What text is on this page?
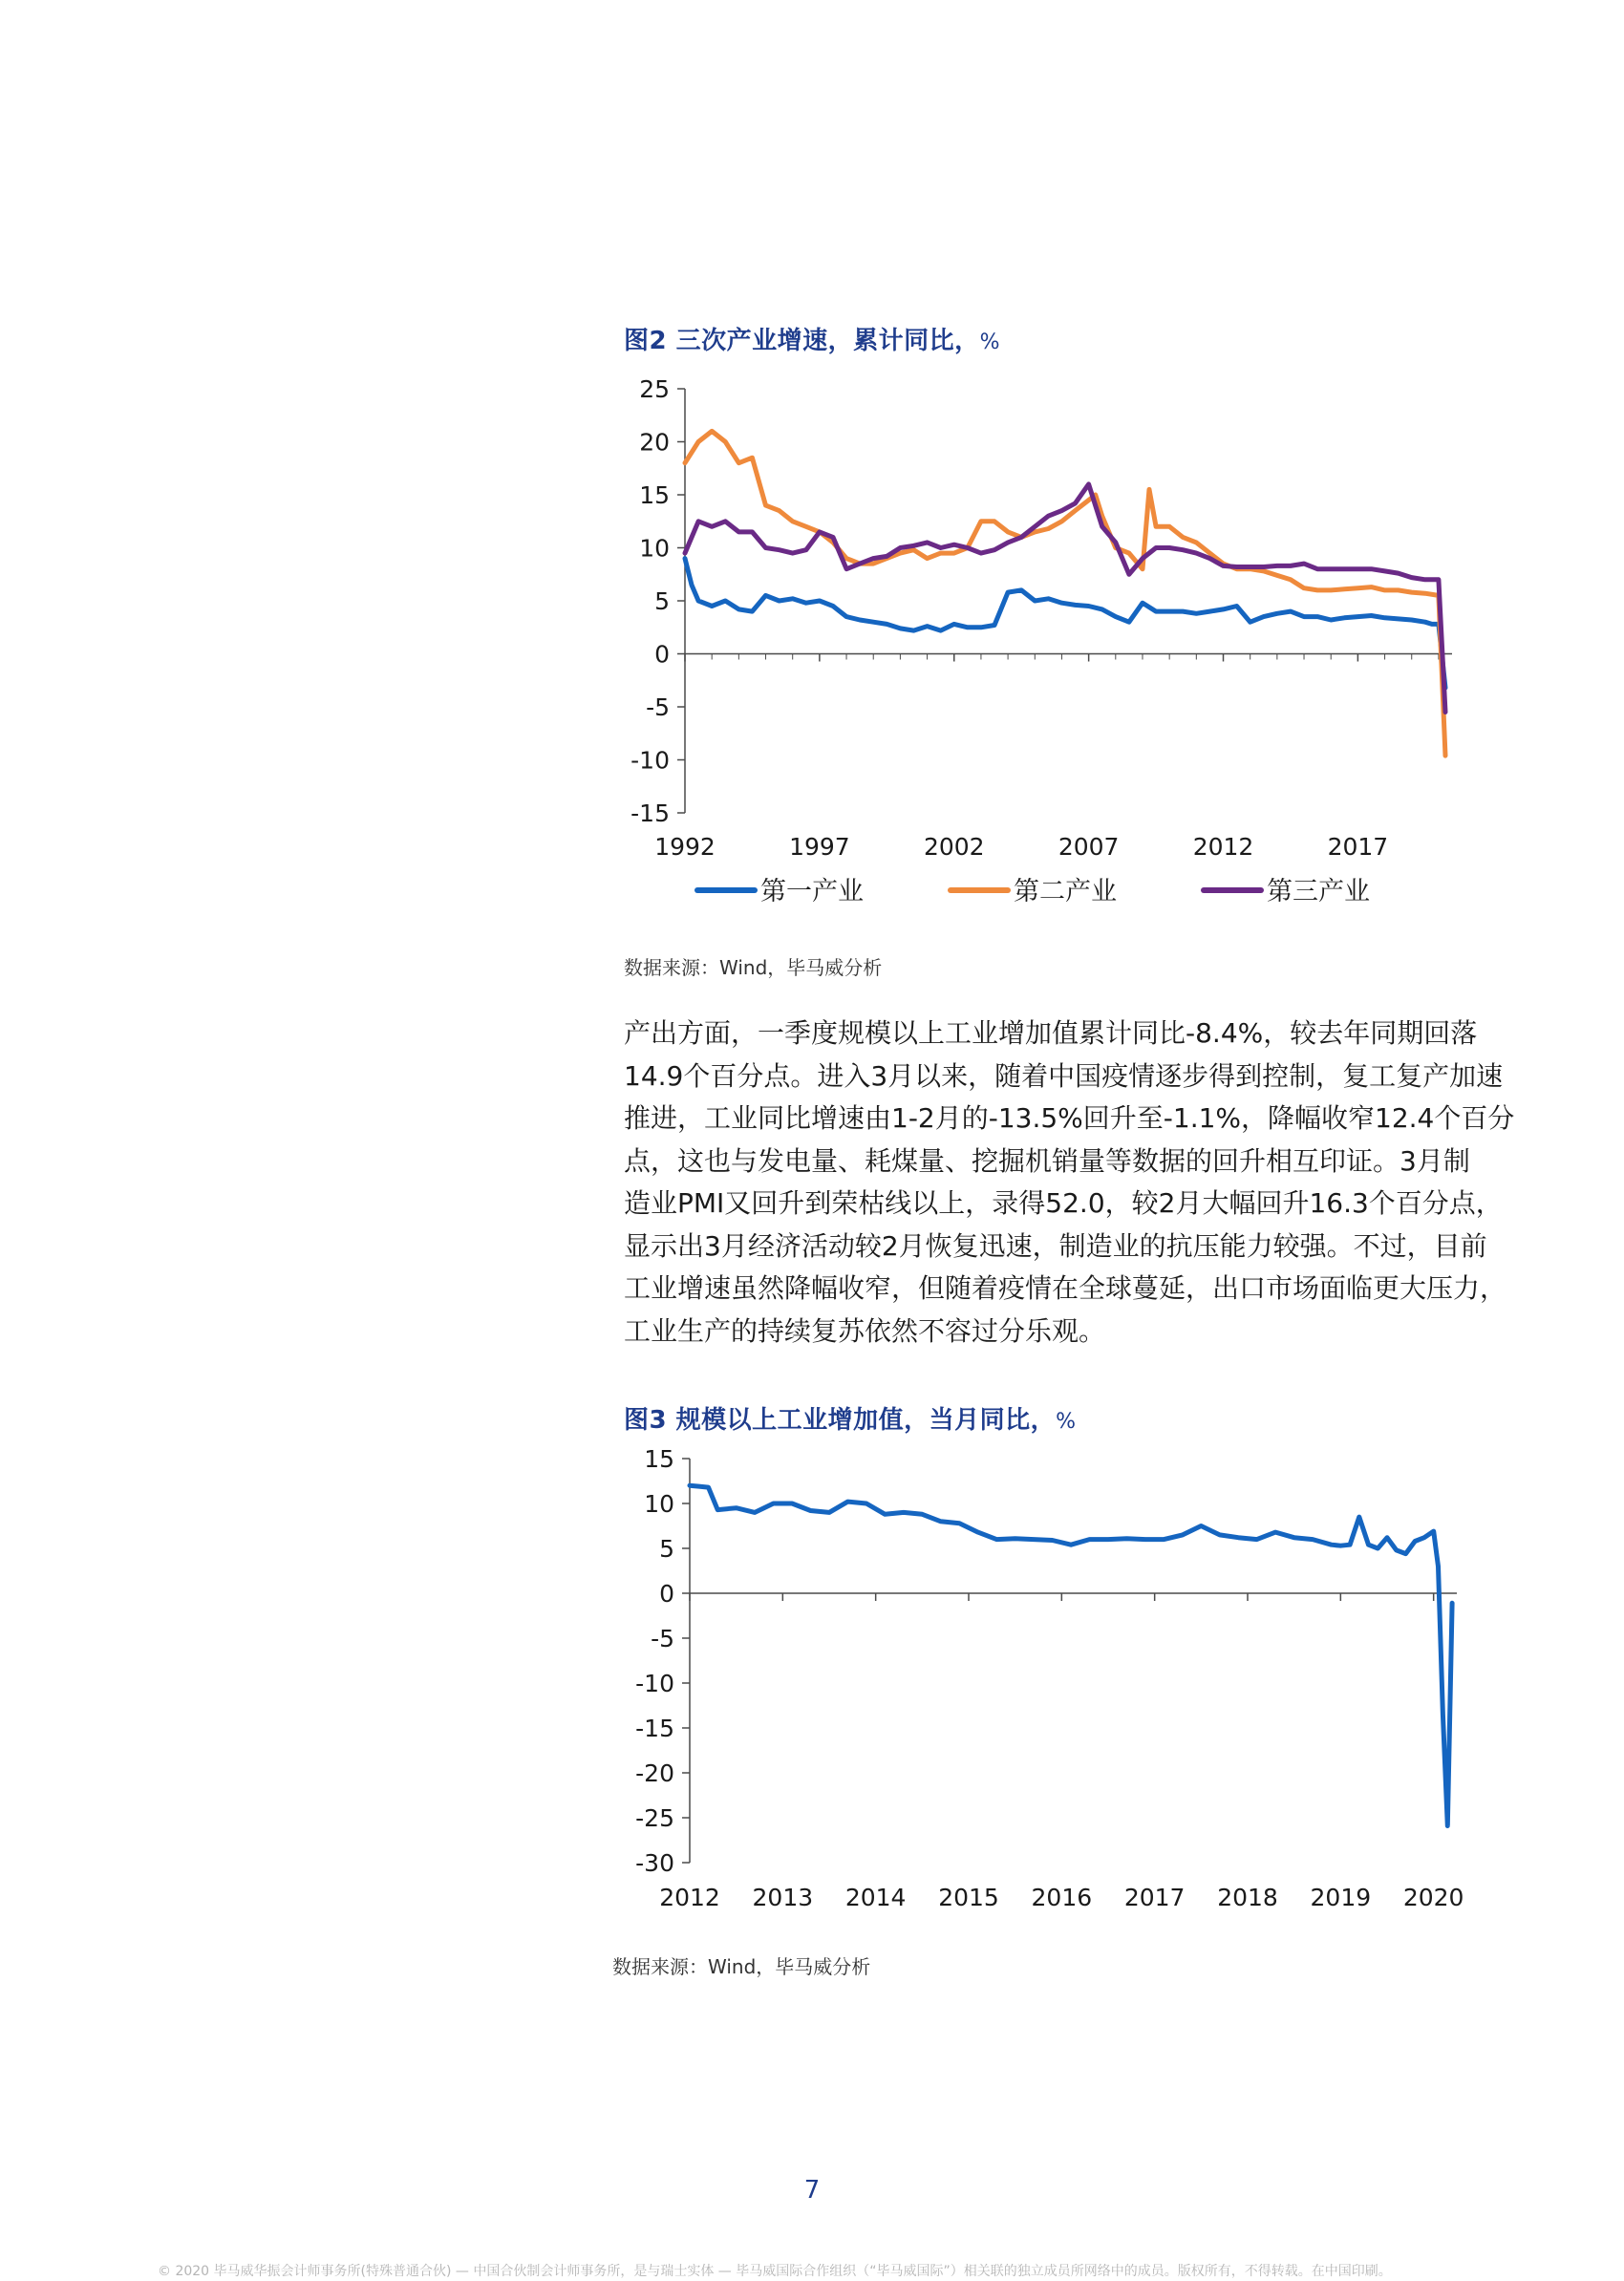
图2 三次产业增速，累计同比，%
25
20
15
10
5
0
-5
-10
-15
1992	1997	2002	2007	2012	2017
第一产业	第二产业	第三产业

数据来源：Wind，毕马威分析

产出方面，一季度规模以上工业增加值累计同比-8.4%，较去年同期回落
14.9个百分点。进入3月以来，随着中国疫情逐步得到控制，复工复产加速
推进，工业同比增速由1-2月的-13.5%回升至-1.1%，降幅收窄12.4个百分
点，这也与发电量、耗煤量、挖掘机销量等数据的回升相互印证。3月制
造业PMI又回升到荣枯线以上，录得52.0，较2月大幅回升16.3个百分点，
显示出3月经济活动较2月恢复迅速，制造业的抗压能力较强。不过，目前
工业增速虽然降幅收窄，但随着疫情在全球蔓延，出口市场面临更大压力，
工业生产的持续复苏依然不容过分乐观。
图3 规模以上工业增加值，当月同比，%
15
10
5
0
-5
-10
-15
-20
-25
-30
2012 2013 2014 2015 2016 2017 2018 2019 2020

数据来源：Wind，毕马威分析

7

© 2020 毕马威华振会计师事务所(特殊普通合伙) — 中国合伙制会计师事务所，是与瑞士实体 — 毕马威国际合作组织（“毕马威国际”）相关联的独立成员所网络中的成员。版权所有，不得转载。在中国印刷。
